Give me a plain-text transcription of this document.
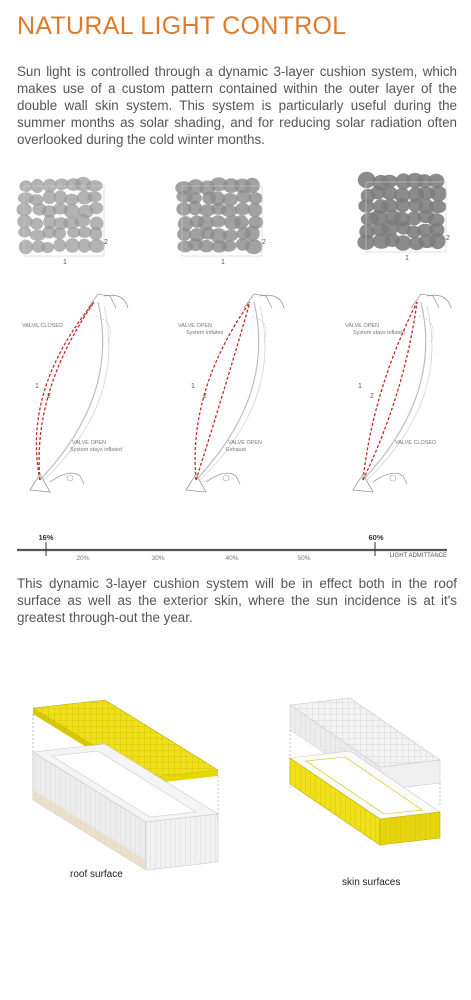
NATURAL LIGHT CONTROL
Sun light is controlled through a dynamic 3-layer cushion system, which makes use of a custom pattern contained within the outer layer of the double wall skin system. This system is particularly useful during the summer months as solar shading, and for reducing solar radiation often overlooked during the cold winter months.
1
2
1
2
1
2
VALVE CLOSED
VALVE OPEN
System stays inflated
1
2
VALVE OPEN
System inflates
VALVE OPEN
Exhaust
1
2
VALVE OPEN
System stays inflated
VALVE CLOSED
1
2
16%	60%
20%	30%	40%	50%	LIGHT ADMITTANCE
This dynamic 3-layer cushion system will be in effect both in the roof surface as well as the exterior skin, where the sun incidence is at it's greatest through-out the year.
roof surface
skin surfaces
